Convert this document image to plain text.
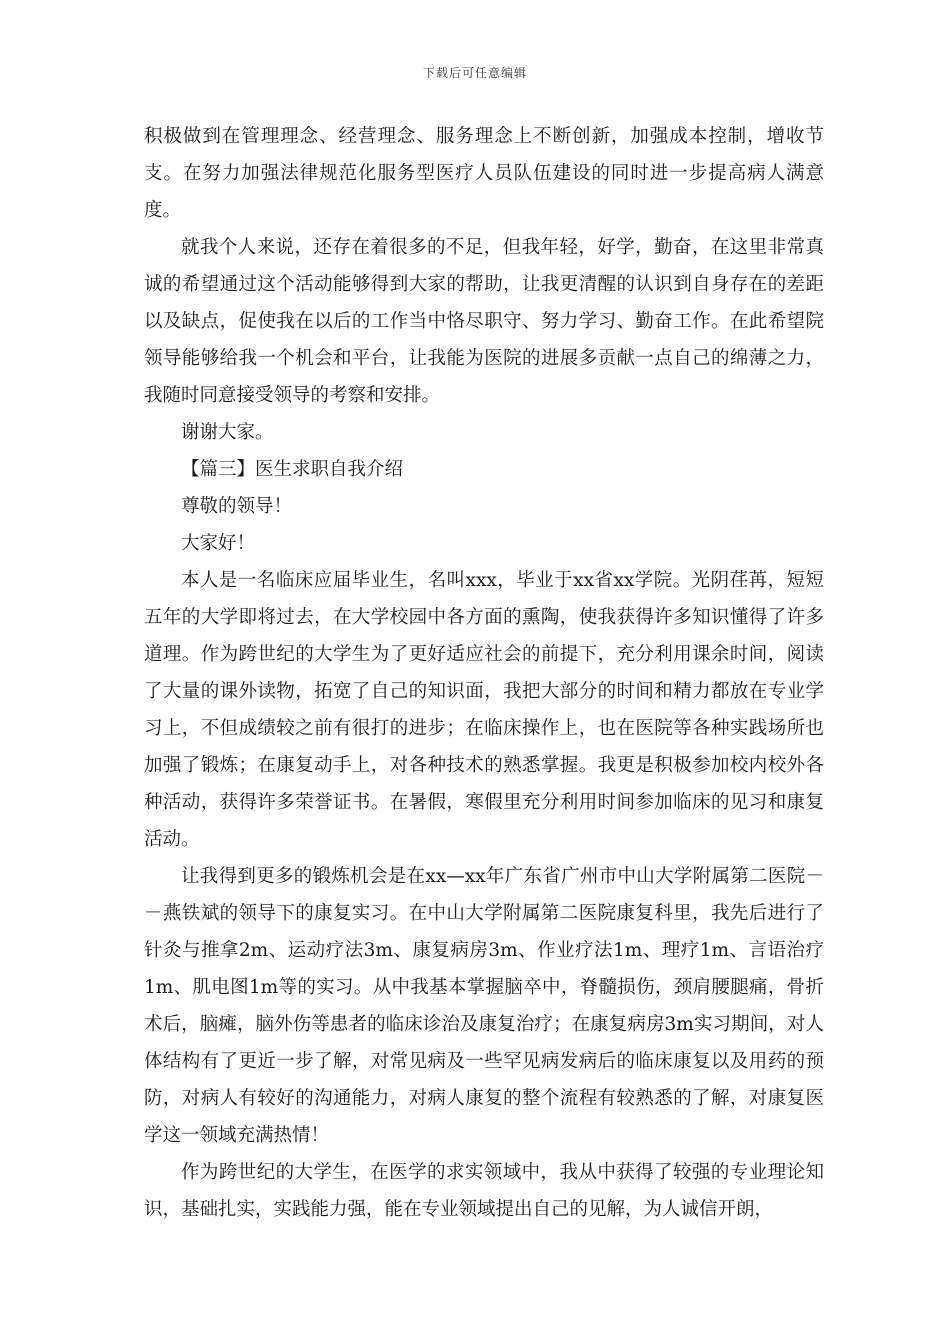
下载后可任意编辑

积极做到在管理理念、经营理念、服务理念上不断创新，加强成本控制，增收节支。在努力加强法律规范化服务型医疗人员队伍建设的同时进一步提高病人满意度。

就我个人来说，还存在着很多的不足，但我年轻，好学，勤奋，在这里非常真诚的希望通过这个活动能够得到大家的帮助，让我更清醒的认识到自身存在的差距以及缺点，促使我在以后的工作当中恪尽职守、努力学习、勤奋工作。在此希望院领导能够给我一个机会和平台，让我能为医院的进展多贡献一点自己的绵薄之力，我随时同意接受领导的考察和安排。

谢谢大家。

【篇三】医生求职自我介绍

尊敬的领导！

大家好！

本人是一名临床应届毕业生，名叫xxx，毕业于xx省xx学院。光阴荏苒，短短五年的大学即将过去，在大学校园中各方面的熏陶，使我获得许多知识懂得了许多道理。作为跨世纪的大学生为了更好适应社会的前提下，充分利用课余时间，阅读了大量的课外读物，拓宽了自己的知识面，我把大部分的时间和精力都放在专业学习上，不但成绩较之前有很打的进步；在临床操作上，也在医院等各种实践场所也加强了锻炼；在康复动手上，对各种技术的熟悉掌握。我更是积极参加校内校外各种活动，获得许多荣誉证书。在暑假，寒假里充分利用时间参加临床的见习和康复活动。

让我得到更多的锻炼机会是在xx—xx年广东省广州市中山大学附属第二医院－－燕铁斌的领导下的康复实习。在中山大学附属第二医院康复科里，我先后进行了针灸与推拿2m、运动疗法3m、康复病房3m、作业疗法1m、理疗1m、言语治疗1m、肌电图1m等的实习。从中我基本掌握脑卒中，脊髓损伤，颈肩腰腿痛，骨折术后，脑瘫，脑外伤等患者的临床诊治及康复治疗；在康复病房3m实习期间，对人体结构有了更近一步了解，对常见病及一些罕见病发病后的临床康复以及用药的预防，对病人有较好的沟通能力，对病人康复的整个流程有较熟悉的了解，对康复医学这一领域充满热情！

作为跨世纪的大学生，在医学的求实领域中，我从中获得了较强的专业理论知识，基础扎实，实践能力强，能在专业领域提出自己的见解，为人诚信开朗，
